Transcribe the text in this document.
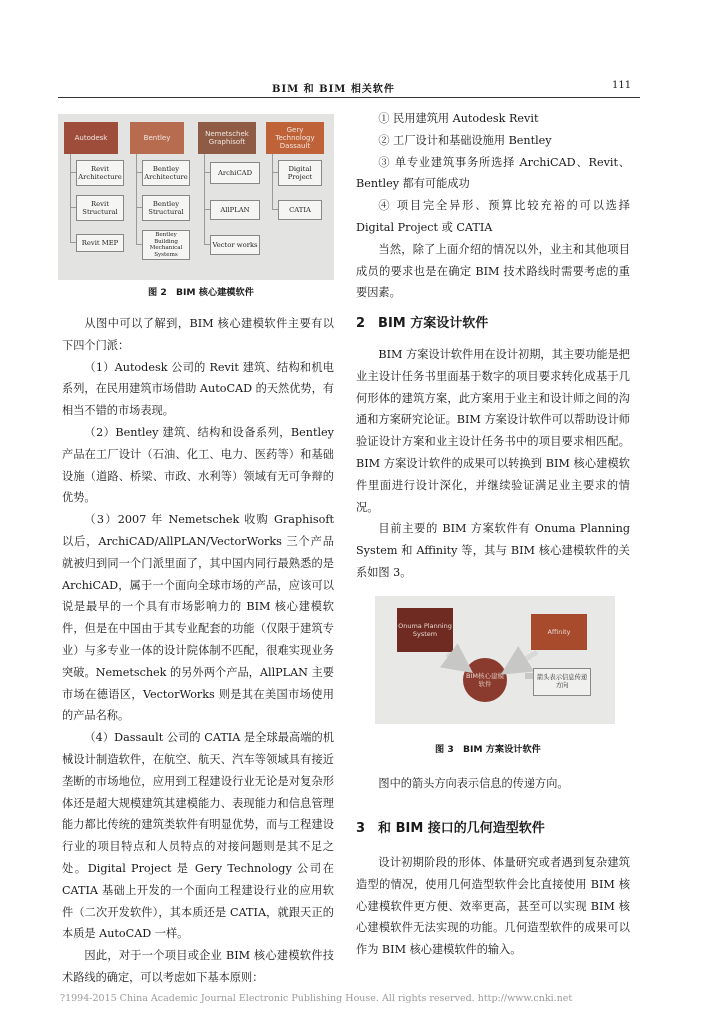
BIM 和 BIM 相关软件	111
Autodesk	Bentley	Nemetschek Graphisoft
Gery Technology Dassault
Revit Architecture
Revit Structural
Revit MEP
Bentley Architecture
Bentley Structural
Bentley Building Mechanical Systems
ArchiCAD
AllPLAN
Vector works
Digital Project
CATIA
图 2　BIM 核心建模软件

从图中可以了解到，BIM 核心建模软件主要有以下四个门派：

（1）Autodesk 公司的 Revit 建筑、结构和机电系列，在民用建筑市场借助 AutoCAD 的天然优势，有相当不错的市场表现。

（2）Bentley 建筑、结构和设备系列，Bentley 产品在工厂设计（石油、化工、电力、医药等）和基础设施（道路、桥梁、市政、水利等）领域有无可争辩的优势。

（3）2007 年 Nemetschek 收购 Graphisoft 以后，ArchiCAD/AllPLAN/VectorWorks 三个产品就被归到同一个门派里面了，其中国内同行最熟悉的是 ArchiCAD，属于一个面向全球市场的产品，应该可以说是最早的一个具有市场影响力的 BIM 核心建模软件，但是在中国由于其专业配套的功能（仅限于建筑专业）与多专业一体的设计院体制不匹配，很难实现业务突破。Nemetschek 的另外两个产品，AllPLAN 主要市场在德语区，VectorWorks 则是其在美国市场使用的产品名称。

（4）Dassault 公司的 CATIA 是全球最高端的机械设计制造软件，在航空、航天、汽车等领域具有接近垄断的市场地位，应用到工程建设行业无论是对复杂形体还是超大规模建筑其建模能力、表现能力和信息管理能力都比传统的建筑类软件有明显优势，而与工程建设行业的项目特点和人员特点的对接问题则是其不足之处。Digital Project 是 Gery Technology 公司在 CATIA 基础上开发的一个面向工程建设行业的应用软件（二次开发软件），其本质还是 CATIA，就跟天正的本质是 AutoCAD 一样。

因此，对于一个项目或企业 BIM 核心建模软件技术路线的确定，可以考虑如下基本原则：

① 民用建筑用 Autodesk Revit

② 工厂设计和基础设施用 Bentley

③ 单专业建筑事务所选择 ArchiCAD、Revit、Bentley 都有可能成功

④ 项目完全异形、预算比较充裕的可以选择 Digital Project 或 CATIA

当然，除了上面介绍的情况以外，业主和其他项目成员的要求也是在确定 BIM 技术路线时需要考虑的重要因素。

2　BIM 方案设计软件

BIM 方案设计软件用在设计初期，其主要功能是把业主设计任务书里面基于数字的项目要求转化成基于几何形体的建筑方案，此方案用于业主和设计师之间的沟通和方案研究论证。BIM 方案设计软件可以帮助设计师验证设计方案和业主设计任务书中的项目要求相匹配。BIM 方案设计软件的成果可以转换到 BIM 核心建模软件里面进行设计深化，并继续验证满足业主要求的情况。

目前主要的 BIM 方案软件有 Onuma Planning System 和 Affinity 等，其与 BIM 核心建模软件的关系如图 3。

Onuma Planning System	Affinity
BIM核心建模软件
箭头表示信息传递方向
图 3　BIM 方案设计软件

图中的箭头方向表示信息的传递方向。

3　和 BIM 接口的几何造型软件

设计初期阶段的形体、体量研究或者遇到复杂建筑造型的情况，使用几何造型软件会比直接使用 BIM 核心建模软件更方便、效率更高，甚至可以实现 BIM 核心建模软件无法实现的功能。几何造型软件的成果可以作为 BIM 核心建模软件的输入。

?1994-2015 China Academic Journal Electronic Publishing House. All rights reserved. http://www.cnki.net
